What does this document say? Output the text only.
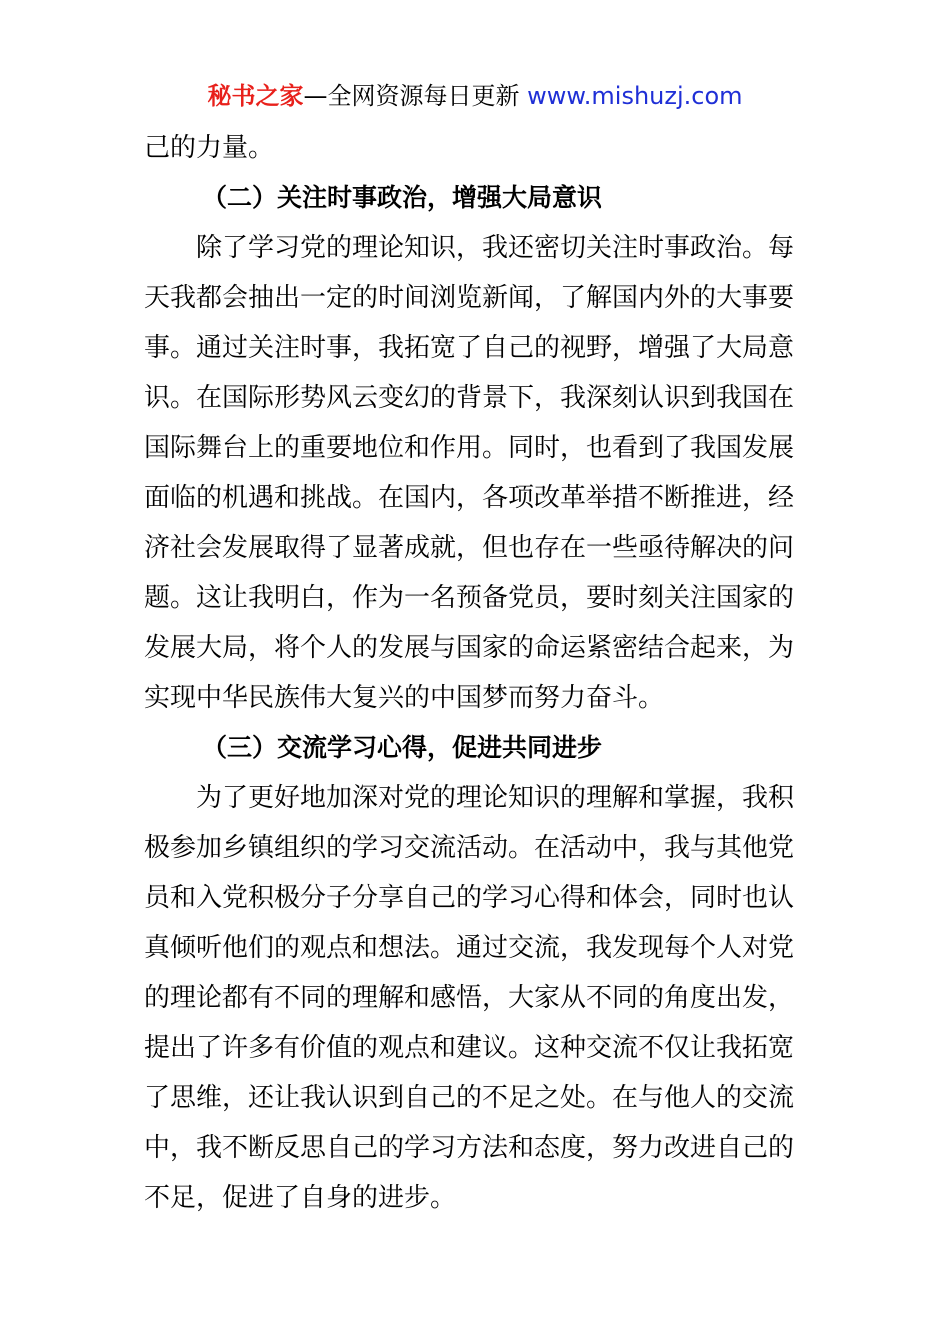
秘书之家—全网资源每日更新 www.mishuzj.com
己的力量。
（二）关注时事政治，增强大局意识
除了学习党的理论知识，我还密切关注时事政治。每
天我都会抽出一定的时间浏览新闻，了解国内外的大事要
事。通过关注时事，我拓宽了自己的视野，增强了大局意
识。在国际形势风云变幻的背景下，我深刻认识到我国在
国际舞台上的重要地位和作用。同时，也看到了我国发展
面临的机遇和挑战。在国内，各项改革举措不断推进，经
济社会发展取得了显著成就，但也存在一些亟待解决的问
题。这让我明白，作为一名预备党员，要时刻关注国家的
发展大局，将个人的发展与国家的命运紧密结合起来，为
实现中华民族伟大复兴的中国梦而努力奋斗。
（三）交流学习心得，促进共同进步
为了更好地加深对党的理论知识的理解和掌握，我积
极参加乡镇组织的学习交流活动。在活动中，我与其他党
员和入党积极分子分享自己的学习心得和体会，同时也认
真倾听他们的观点和想法。通过交流，我发现每个人对党
的理论都有不同的理解和感悟，大家从不同的角度出发，
提出了许多有价值的观点和建议。这种交流不仅让我拓宽
了思维，还让我认识到自己的不足之处。在与他人的交流
中，我不断反思自己的学习方法和态度，努力改进自己的
不足，促进了自身的进步。
